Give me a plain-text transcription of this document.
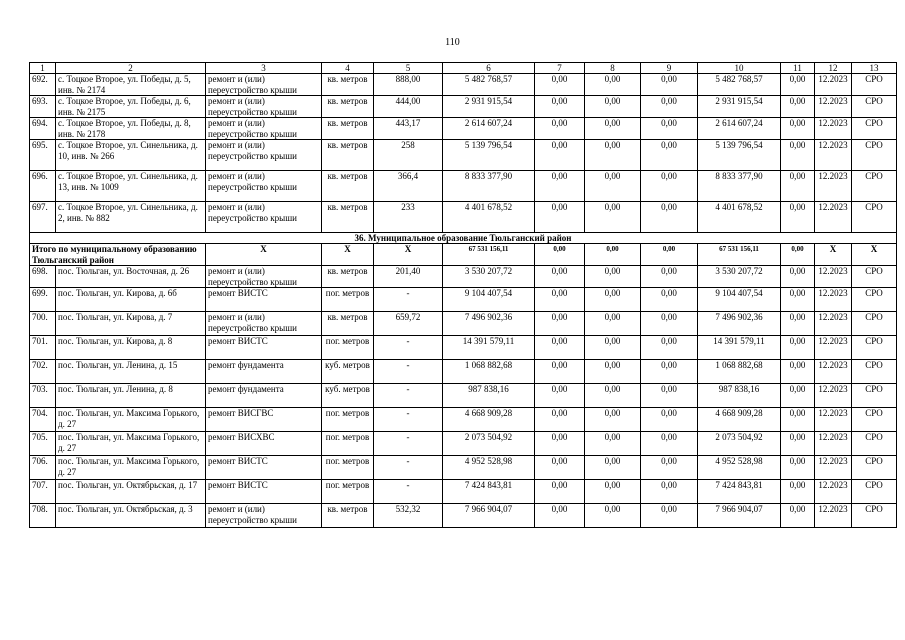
110
1	2	3	4	5	6	7	8	9	10	11	12	13
692.	с. Тоцкое Второе, ул. Победы, д. 5, инв. № 2174	ремонт и (или) переустройство крыши	кв. метров	888,00	5 482 768,57	0,00	0,00	0,00	5 482 768,57	0,00	12.2023	СРО
693.	с. Тоцкое Второе, ул. Победы, д. 6, инв. № 2175	ремонт и (или) переустройство крыши	кв. метров	444,00	2 931 915,54	0,00	0,00	0,00	2 931 915,54	0,00	12.2023	СРО
694.	с. Тоцкое Второе, ул. Победы, д. 8, инв. № 2178	ремонт и (или) переустройство крыши	кв. метров	443,17	2 614 607,24	0,00	0,00	0,00	2 614 607,24	0,00	12.2023	СРО
695.	с. Тоцкое Второе, ул. Синельника, д. 10, инв. № 266	ремонт и (или) переустройство крыши	кв. метров	258	5 139 796,54	0,00	0,00	0,00	5 139 796,54	0,00	12.2023	СРО
696.	с. Тоцкое Второе, ул. Синельника, д. 13, инв. № 1009	ремонт и (или) переустройство крыши	кв. метров	366,4	8 833 377,90	0,00	0,00	0,00	8 833 377,90	0,00	12.2023	СРО
697.	с. Тоцкое Второе, ул. Синельника, д. 2, инв. № 882	ремонт и (или) переустройство крыши	кв. метров	233	4 401 678,52	0,00	0,00	0,00	4 401 678,52	0,00	12.2023	СРО
36. Муниципальное образование Тюльганский район												
Итого по муниципальному образованию Тюльганский район		X	X	X	67 531 156,11	0,00	0,00	0,00	67 531 156,11	0,00	X	X
698.	пос. Тюльган, ул. Восточная, д. 26	ремонт и (или) переустройство крыши	кв. метров	201,40	3 530 207,72	0,00	0,00	0,00	3 530 207,72	0,00	12.2023	СРО
699.	пос. Тюльган, ул. Кирова, д. 6б	ремонт ВИСТС	пог. метров	-	9 104 407,54	0,00	0,00	0,00	9 104 407,54	0,00	12.2023	СРО
700.	пос. Тюльган, ул. Кирова, д. 7	ремонт и (или) переустройство крыши	кв. метров	659,72	7 496 902,36	0,00	0,00	0,00	7 496 902,36	0,00	12.2023	СРО
701.	пос. Тюльган, ул. Кирова, д. 8	ремонт ВИСТС	пог. метров	-	14 391 579,11	0,00	0,00	0,00	14 391 579,11	0,00	12.2023	СРО
702.	пос. Тюльган, ул. Ленина, д. 15	ремонт фундамента	куб. метров	-	1 068 882,68	0,00	0,00	0,00	1 068 882,68	0,00	12.2023	СРО
703.	пос. Тюльган, ул. Ленина, д. 8	ремонт фундамента	куб. метров	-	987 838,16	0,00	0,00	0,00	987 838,16	0,00	12.2023	СРО
704.	пос. Тюльган, ул. Максима Горького, д. 27	ремонт ВИСГВС	пог. метров	-	4 668 909,28	0,00	0,00	0,00	4 668 909,28	0,00	12.2023	СРО
705.	пос. Тюльган, ул. Максима Горького, д. 27	ремонт ВИСХВС	пог. метров	-	2 073 504,92	0,00	0,00	0,00	2 073 504,92	0,00	12.2023	СРО
706.	пос. Тюльган, ул. Максима Горького, д. 27	ремонт ВИСТС	пог. метров	-	4 952 528,98	0,00	0,00	0,00	4 952 528,98	0,00	12.2023	СРО
707.	пос. Тюльган, ул. Октябрьская, д. 17	ремонт ВИСТС	пог. метров	-	7 424 843,81	0,00	0,00	0,00	7 424 843,81	0,00	12.2023	СРО
708.	пос. Тюльган, ул. Октябрьская, д. 3	ремонт и (или) переустройство крыши	кв. метров	532,32	7 966 904,07	0,00	0,00	0,00	7 966 904,07	0,00	12.2023	СРО
